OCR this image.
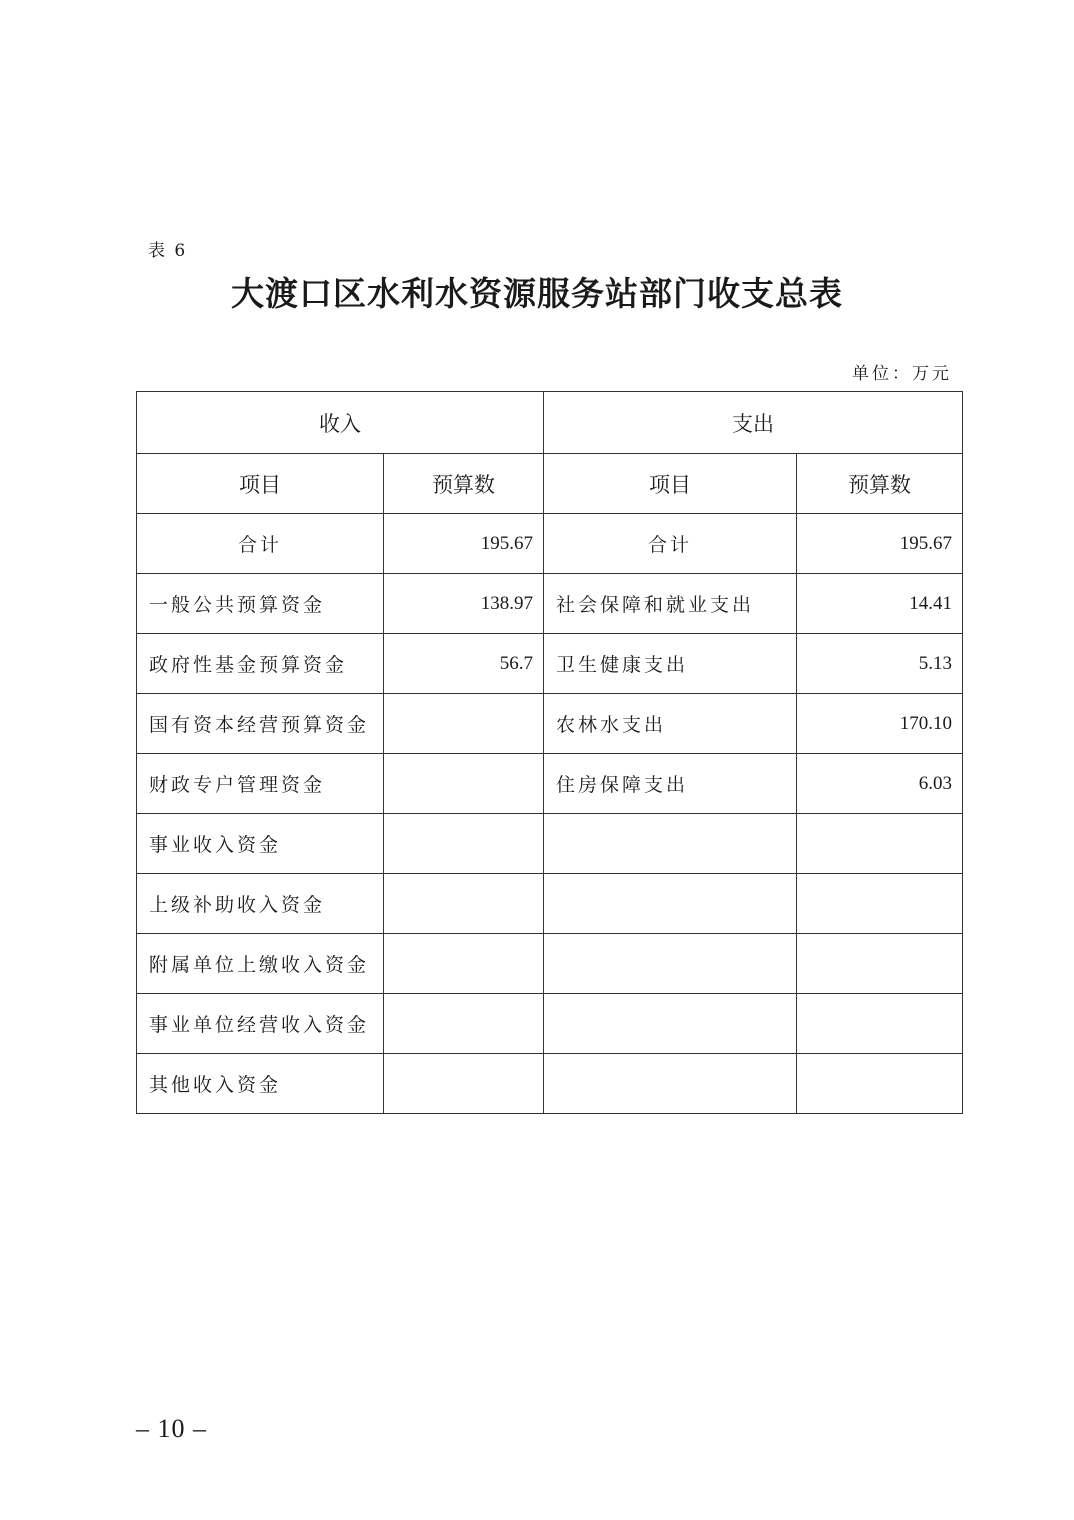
表 6
大渡口区水利水资源服务站部门收支总表
单位：万元
收入		支出	
项目	预算数	项目	预算数
合计	195.67	合计	195.67
一般公共预算资金	138.97	社会保障和就业支出	14.41
政府性基金预算资金	56.7	卫生健康支出	5.13
国有资本经营预算资金		农林水支出	170.10
财政专户管理资金		住房保障支出	6.03
事业收入资金			
上级补助收入资金			
附属单位上缴收入资金			
事业单位经营收入资金			
其他收入资金			
– 10 –
